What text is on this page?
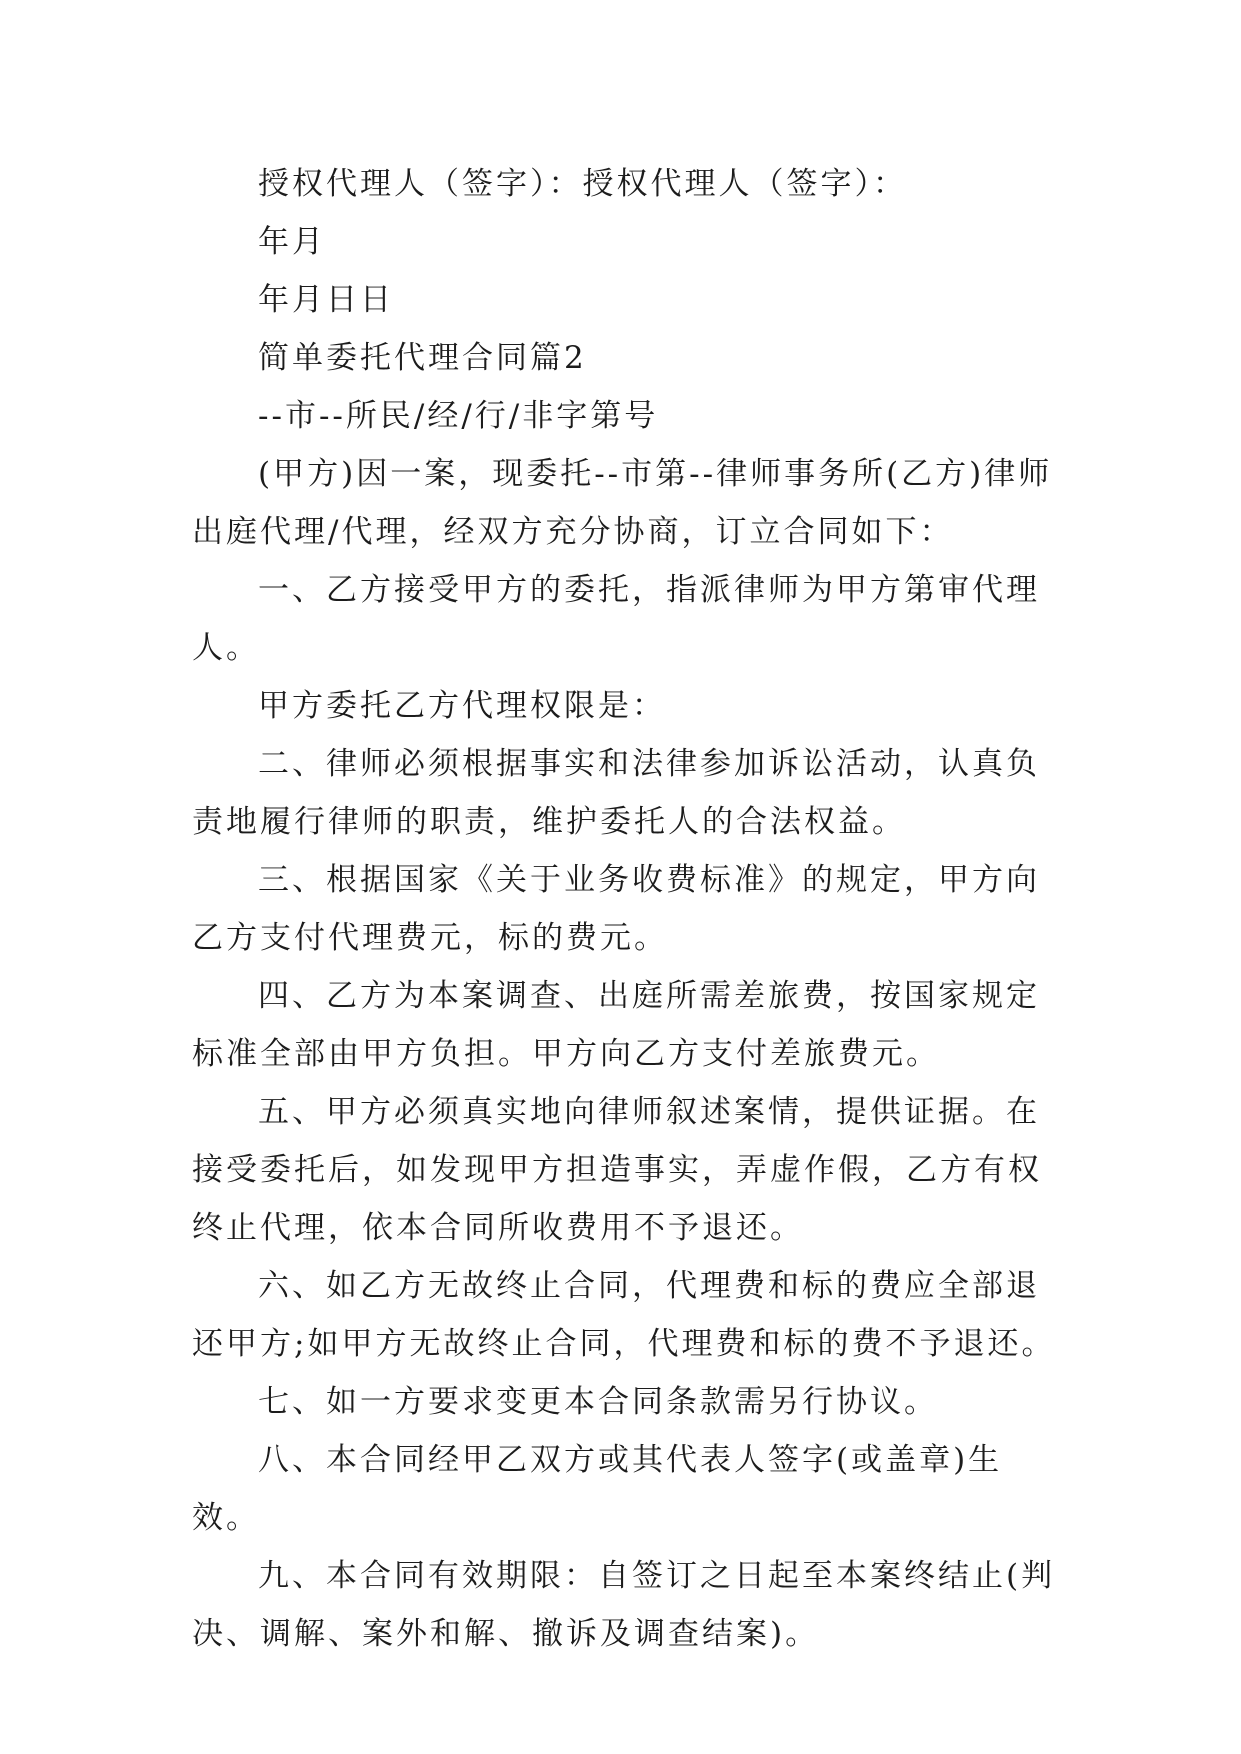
授权代理人（签字）：授权代理人（签字）：

年月

年月日日

简单委托代理合同篇2

--市--所民/经/行/非字第号

(甲方)因一案，现委托--市第--律师事务所(乙方)律师出庭代理/代理，经双方充分协商，订立合同如下：

一、乙方接受甲方的委托，指派律师为甲方第审代理人。

甲方委托乙方代理权限是：

二、律师必须根据事实和法律参加诉讼活动，认真负责地履行律师的职责，维护委托人的合法权益。

三、根据国家《关于业务收费标准》的规定，甲方向乙方支付代理费元，标的费元。

四、乙方为本案调查、出庭所需差旅费，按国家规定标准全部由甲方负担。甲方向乙方支付差旅费元。

五、甲方必须真实地向律师叙述案情，提供证据。在接受委托后，如发现甲方担造事实，弄虚作假，乙方有权终止代理，依本合同所收费用不予退还。

六、如乙方无故终止合同，代理费和标的费应全部退还甲方;如甲方无故终止合同，代理费和标的费不予退还。

七、如一方要求变更本合同条款需另行协议。

八、本合同经甲乙双方或其代表人签字(或盖章)生效。

九、本合同有效期限：自签订之日起至本案终结止(判决、调解、案外和解、撤诉及调查结案)。
